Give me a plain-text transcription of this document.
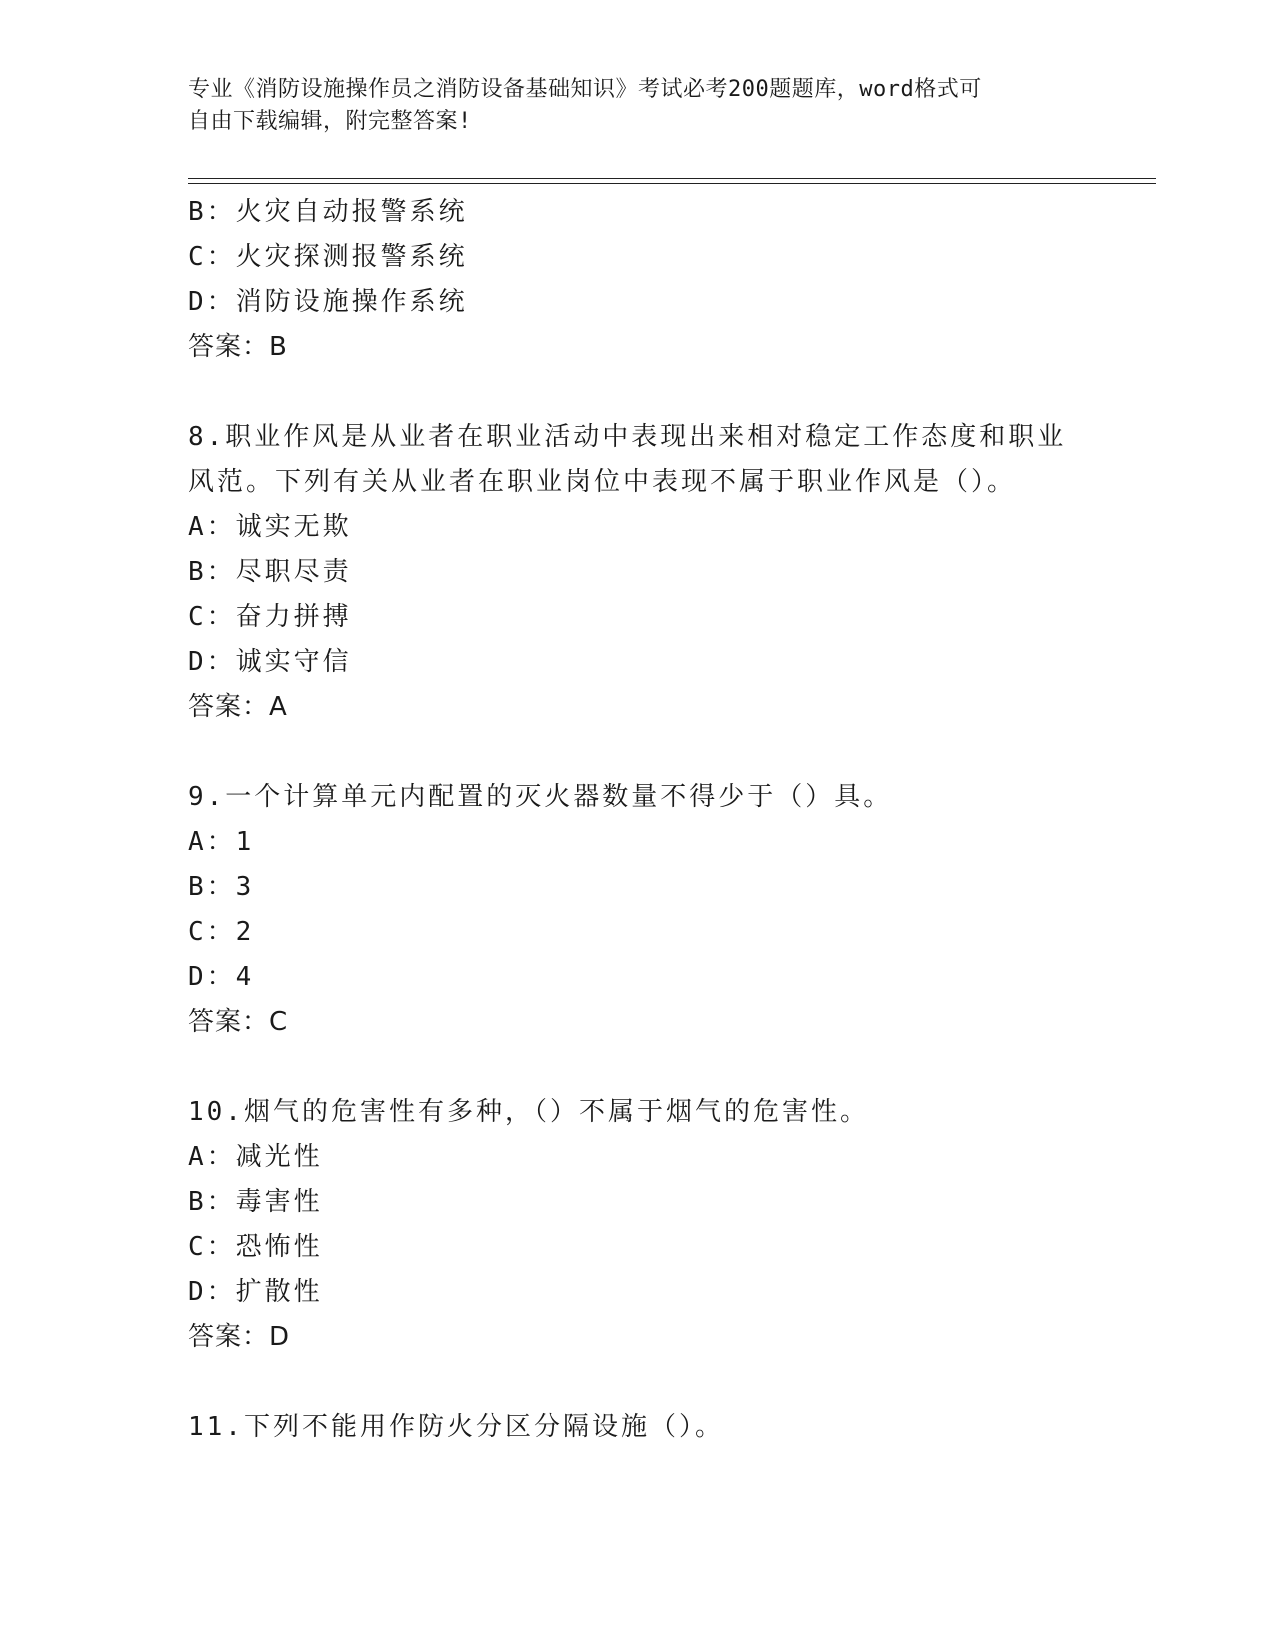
专业《消防设施操作员之消防设备基础知识》考试必考200题题库，word格式可
自由下载编辑，附完整答案!
B：火灾自动报警系统
C：火灾探测报警系统
D：消防设施操作系统
答案：B
8.职业作风是从业者在职业活动中表现出来相对稳定工作态度和职业
风范。下列有关从业者在职业岗位中表现不属于职业作风是（）。
A：诚实无欺
B：尽职尽责
C：奋力拼搏
D：诚实守信
答案：A
9.一个计算单元内配置的灭火器数量不得少于（）具。
A：1
B：3
C：2
D：4
答案：C
10.烟气的危害性有多种，（）不属于烟气的危害性。
A：减光性
B：毒害性
C：恐怖性
D：扩散性
答案：D
11.下列不能用作防火分区分隔设施（）。
